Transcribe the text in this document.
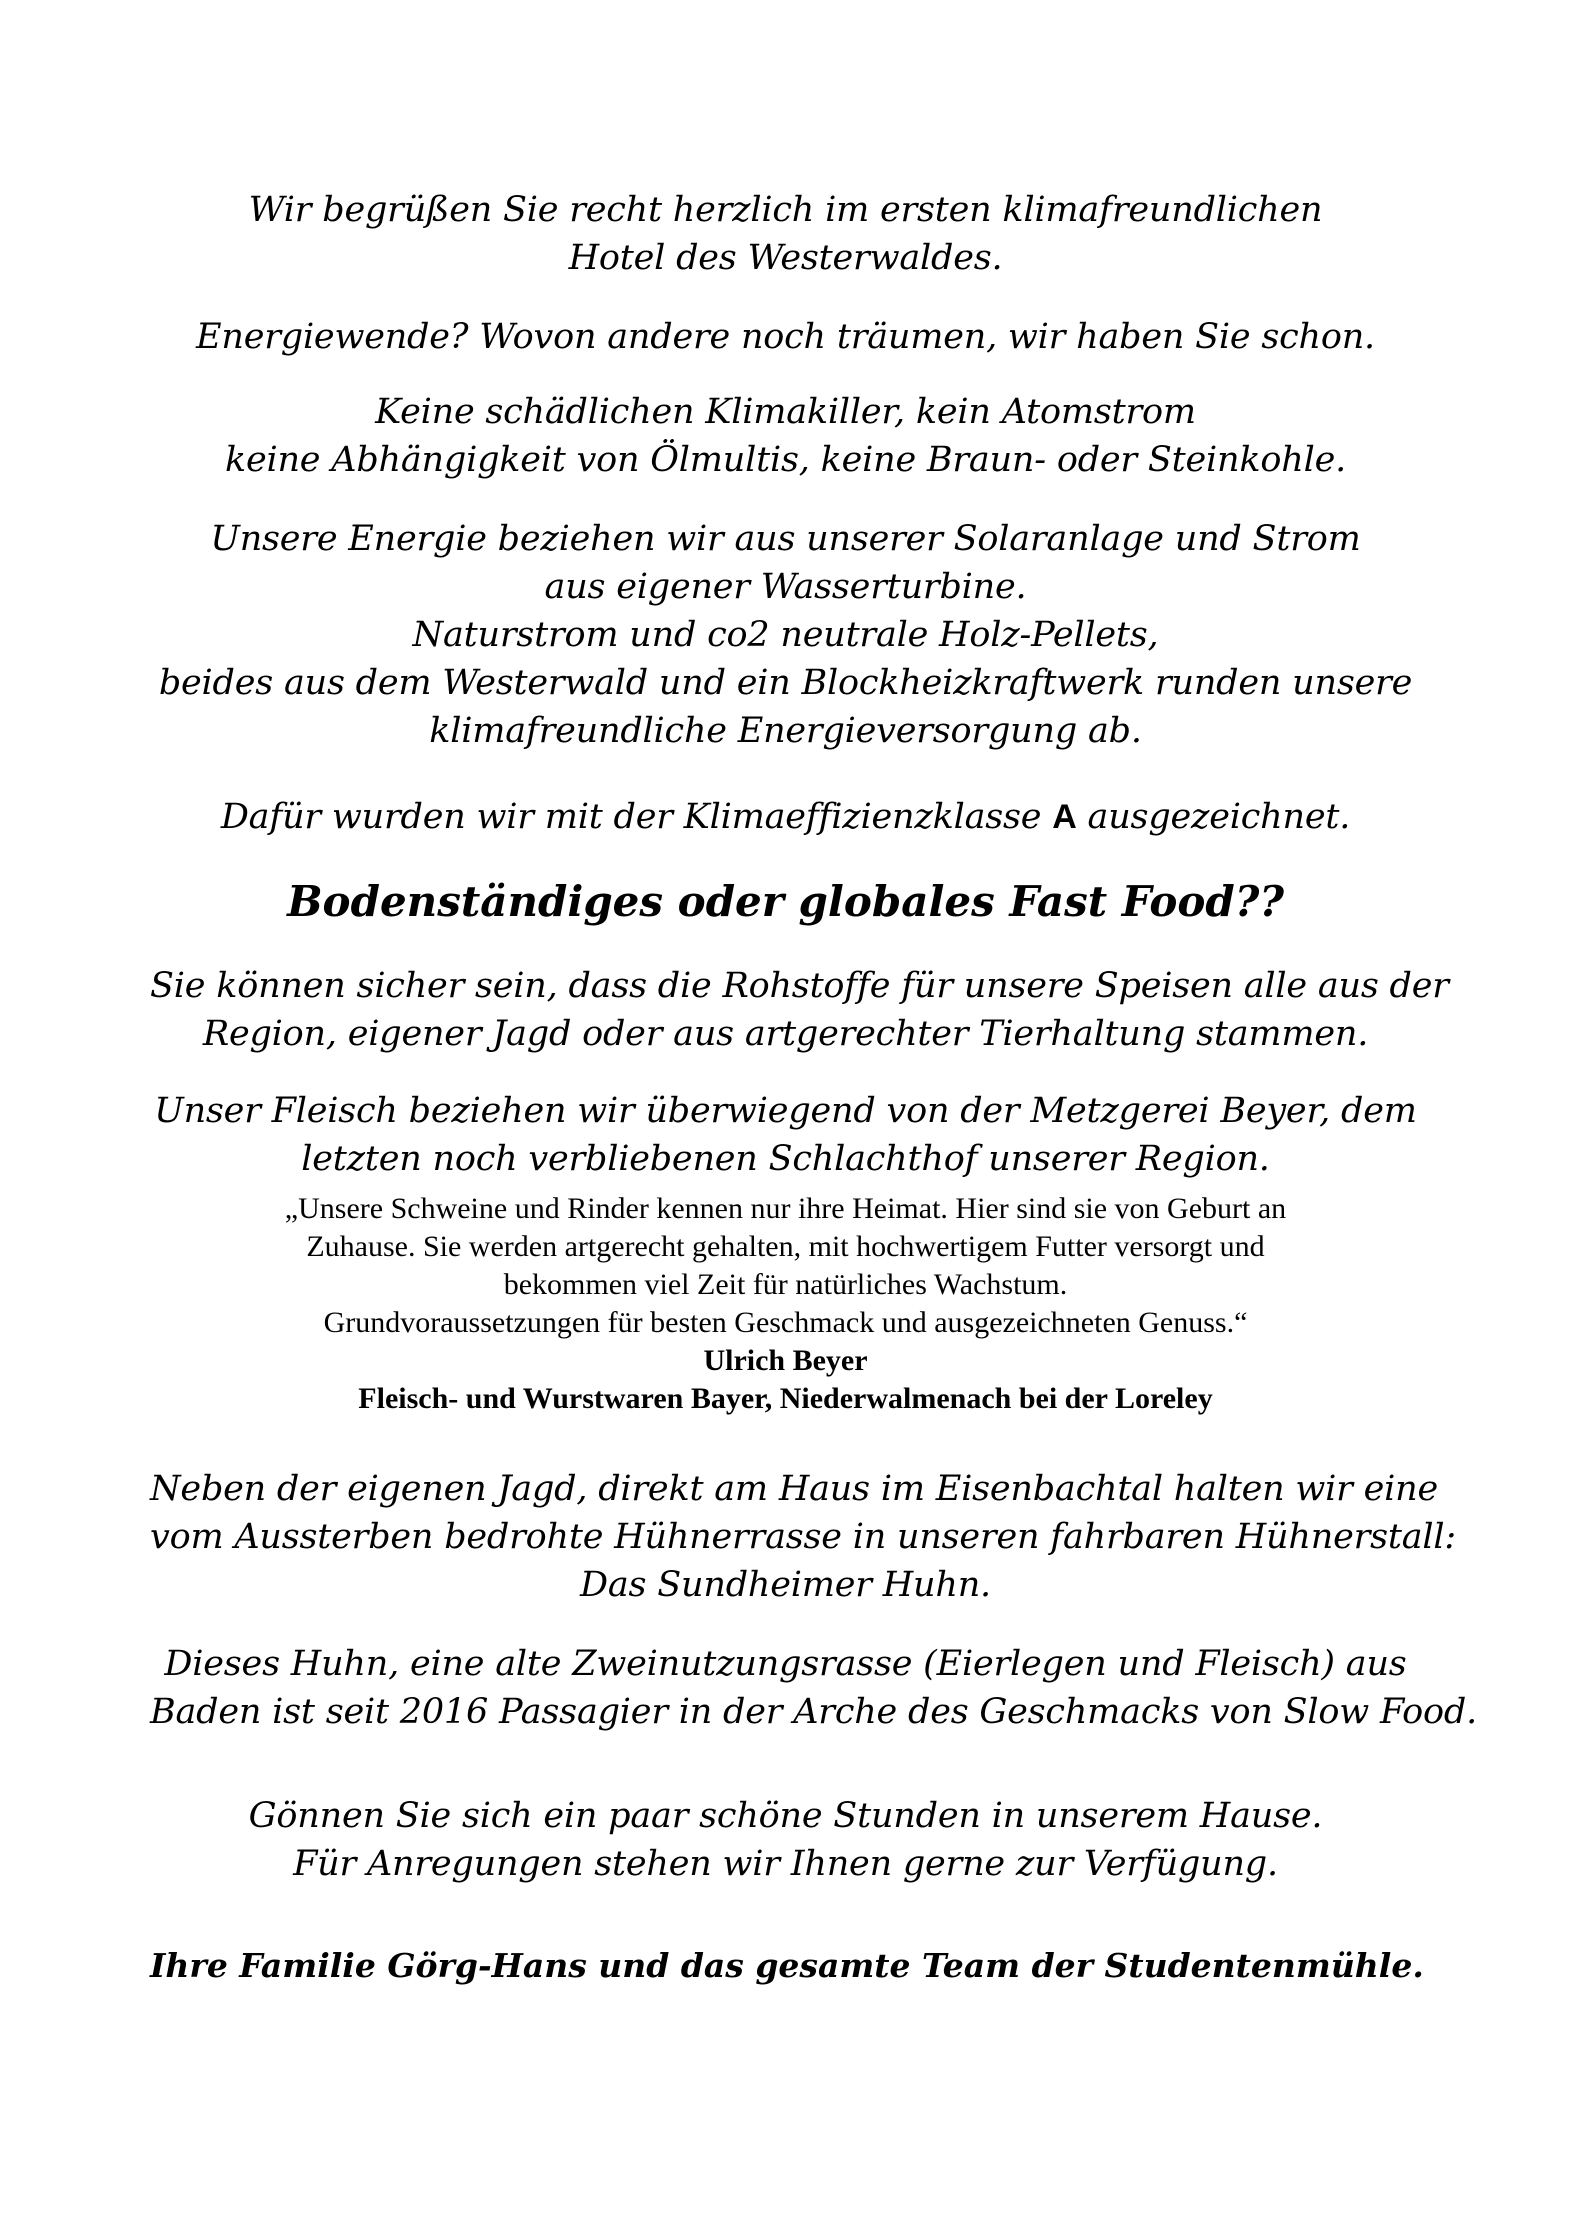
Wir begrüßen Sie recht herzlich im ersten klimafreundlichen
Hotel des Westerwaldes.
Energiewende? Wovon andere noch träumen, wir haben Sie schon.
Keine schädlichen Klimakiller, kein Atomstrom
keine Abhängigkeit von Ölmultis, keine Braun- oder Steinkohle.
Unsere Energie beziehen wir aus unserer Solaranlage und Strom
aus eigener Wasserturbine.
Naturstrom und co2 neutrale Holz-Pellets,
beides aus dem Westerwald und ein Blockheizkraftwerk runden unsere
klimafreundliche Energieversorgung ab.
Dafür wurden wir mit der Klimaeffizienzklasse A ausgezeichnet.
Bodenständiges oder globales Fast Food??
Sie können sicher sein, dass die Rohstoffe für unsere Speisen alle aus der
Region, eigener Jagd oder aus artgerechter Tierhaltung stammen.
Unser Fleisch beziehen wir überwiegend von der Metzgerei Beyer, dem
letzten noch verbliebenen Schlachthof unserer Region.
„Unsere Schweine und Rinder kennen nur ihre Heimat. Hier sind sie von Geburt an
Zuhause. Sie werden artgerecht gehalten, mit hochwertigem Futter versorgt und
bekommen viel Zeit für natürliches Wachstum.
Grundvoraussetzungen für besten Geschmack und ausgezeichneten Genuss.“
Ulrich Beyer
Fleisch- und Wurstwaren Bayer, Niederwalmenach bei der Loreley
Neben der eigenen Jagd, direkt am Haus im Eisenbachtal halten wir eine
vom Aussterben bedrohte Hühnerrasse in unseren fahrbaren Hühnerstall:
Das Sundheimer Huhn.
Dieses Huhn, eine alte Zweinutzungsrasse (Eierlegen und Fleisch) aus
Baden ist seit 2016 Passagier in der Arche des Geschmacks von Slow Food.
Gönnen Sie sich ein paar schöne Stunden in unserem Hause.
Für Anregungen stehen wir Ihnen gerne zur Verfügung.
Ihre Familie Görg-Hans und das gesamte Team der Studentenmühle.
